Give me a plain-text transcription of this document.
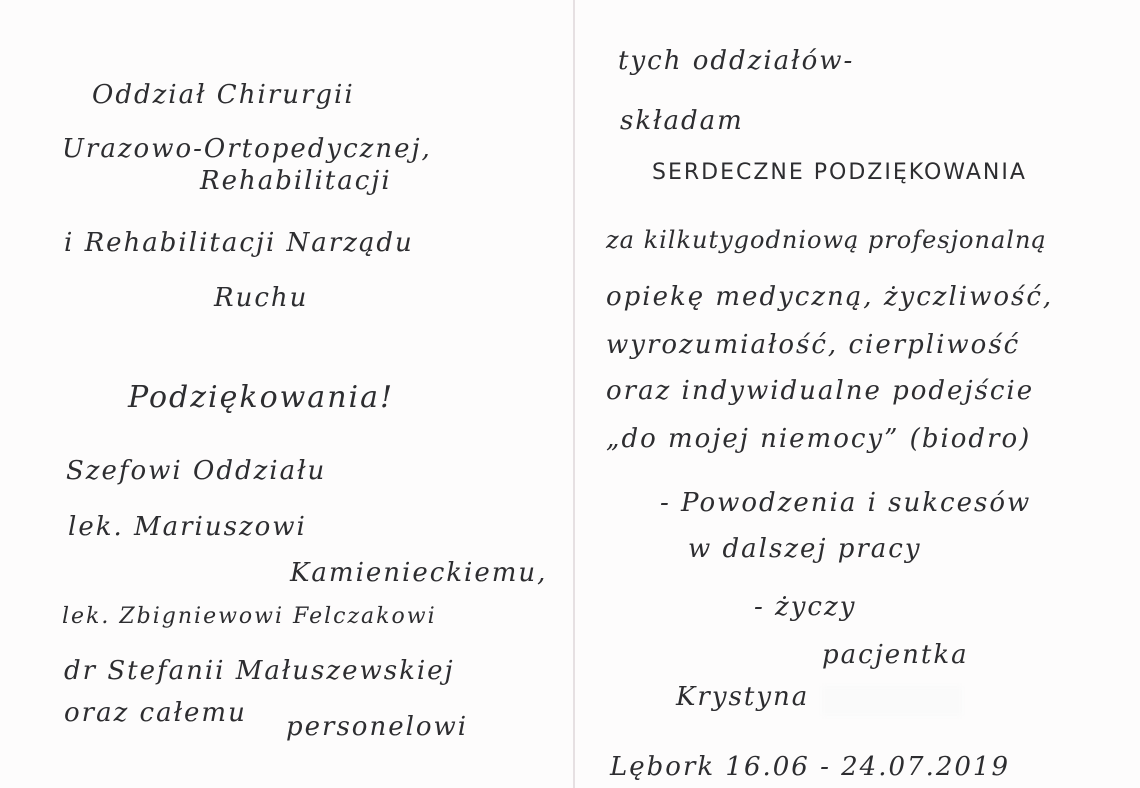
Oddział Chirurgii
Urazowo-Ortopedycznej,
Rehabilitacji
i Rehabilitacji Narządu
Ruchu
Podziękowania!
Szefowi Oddziału
lek. Mariuszowi
Kamienieckiemu,
lek. Zbigniewowi Felczakowi
dr Stefanii Małuszewskiej
oraz całemu personelowi
tych oddziałów-
składam
SERDECZNE PODZIĘKOWANIA
za kilkutygodniową profesjonalną
opiekę medyczną, życzliwość,
wyrozumiałość, cierpliwość
oraz indywidualne podejście
„do mojej niemocy” (biodro)
- Powodzenia i sukcesów
w dalszej pracy
- życzy
pacjentka
Krystyna
Lębork 16.06 - 24.07.2019
